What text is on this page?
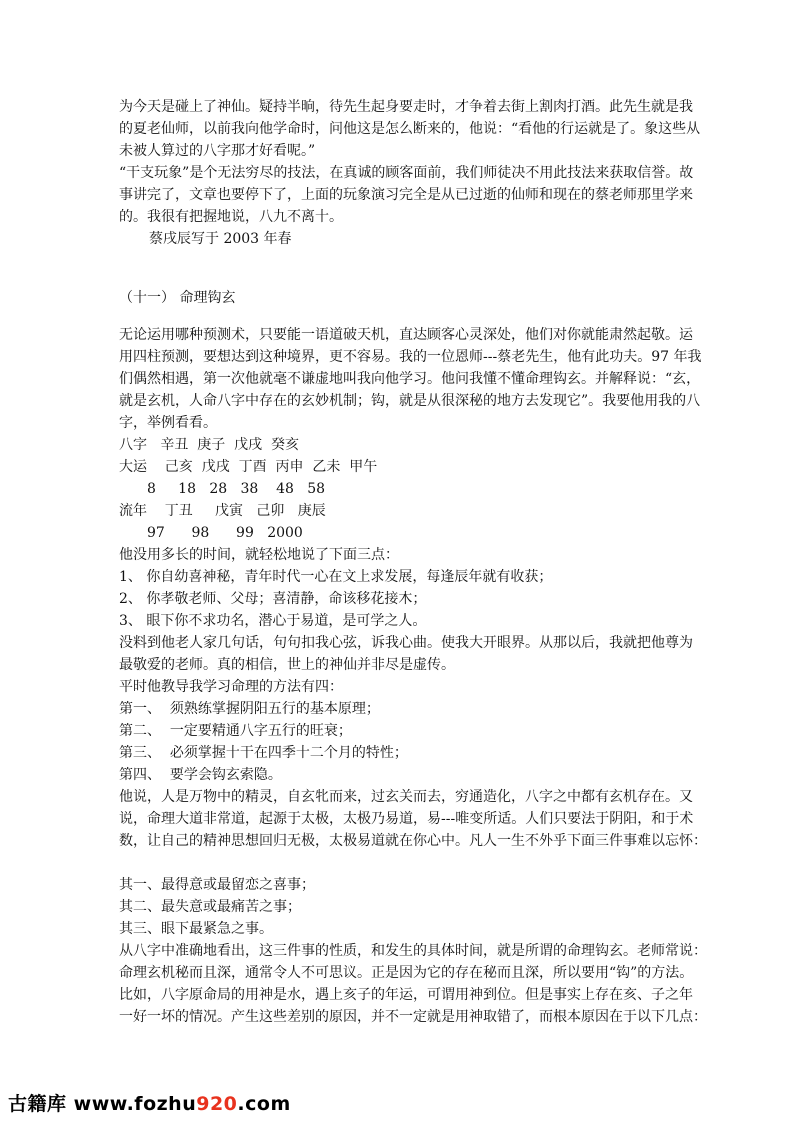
为今天是碰上了神仙。疑持半晌，待先生起身要走时，才争着去街上割肉打酒。此先生就是我
的夏老仙师，以前我向他学命时，问他这是怎么断来的，他说：“看他的行运就是了。象这些从
未被人算过的八字那才好看呢。”
“干支玩象”是个无法穷尽的技法，在真诚的顾客面前，我们师徒决不用此技法来获取信誉。故
事讲完了，文章也要停下了，上面的玩象演习完全是从已过逝的仙师和现在的蔡老师那里学来
的。我很有把握地说，八九不离十。
蔡戌辰写于 2003 年春
（十一） 命理钩玄
无论运用哪种预测术，只要能一语道破天机，直达顾客心灵深处，他们对你就能肃然起敬。运
用四柱预测，要想达到这种境界，更不容易。我的一位恩师---蔡老先生，他有此功夫。97 年我
们偶然相遇，第一次他就毫不谦虚地叫我向他学习。他问我懂不懂命理钩玄。并解释说：“玄，
就是玄机，人命八字中存在的玄妙机制；钩，就是从很深秘的地方去发现它”。我要他用我的八
字，举例看看。
八字   辛丑  庚子  戊戌  癸亥
大运    己亥  戊戌  丁酉  丙申  乙未  甲午
8     18   28   38    48   58
流年    丁丑     戊寅   己卯   庚辰
97      98      99   2000
他没用多长的时间，就轻松地说了下面三点：
1、 你自幼喜神秘，青年时代一心在文上求发展，每逢辰年就有收获；
2、 你孝敬老师、父母；喜清静，命该移花接木；
3、 眼下你不求功名，潜心于易道，是可学之人。
没料到他老人家几句话，句句扣我心弦，诉我心曲。使我大开眼界。从那以后，我就把他尊为
最敬爱的老师。真的相信，世上的神仙并非尽是虚传。
平时他教导我学习命理的方法有四：
第一、  须熟练掌握阴阳五行的基本原理；
第二、  一定要精通八字五行的旺衰；
第三、  必须掌握十干在四季十二个月的特性；
第四、  要学会钩玄索隐。
他说，人是万物中的精灵，自玄牝而来，过玄关而去，穷通造化，八字之中都有玄机存在。又
说，命理大道非常道，起源于太极，太极乃易道，易---唯变所适。人们只要法于阴阳，和于术
数，让自己的精神思想回归无极，太极易道就在你心中。凡人一生不外乎下面三件事难以忘怀：
其一、最得意或最留恋之喜事；
其二、最失意或最痛苦之事；
其三、眼下最紧急之事。
从八字中准确地看出，这三件事的性质，和发生的具体时间，就是所谓的命理钩玄。老师常说：
命理玄机秘而且深，通常令人不可思议。正是因为它的存在秘而且深，所以要用“钩”的方法。
比如，八字原命局的用神是水，遇上亥子的年运，可谓用神到位。但是事实上存在亥、子之年
一好一坏的情况。产生这些差别的原因，并不一定就是用神取错了，而根本原因在于以下几点：
古籍库 www.fozhu920.com
